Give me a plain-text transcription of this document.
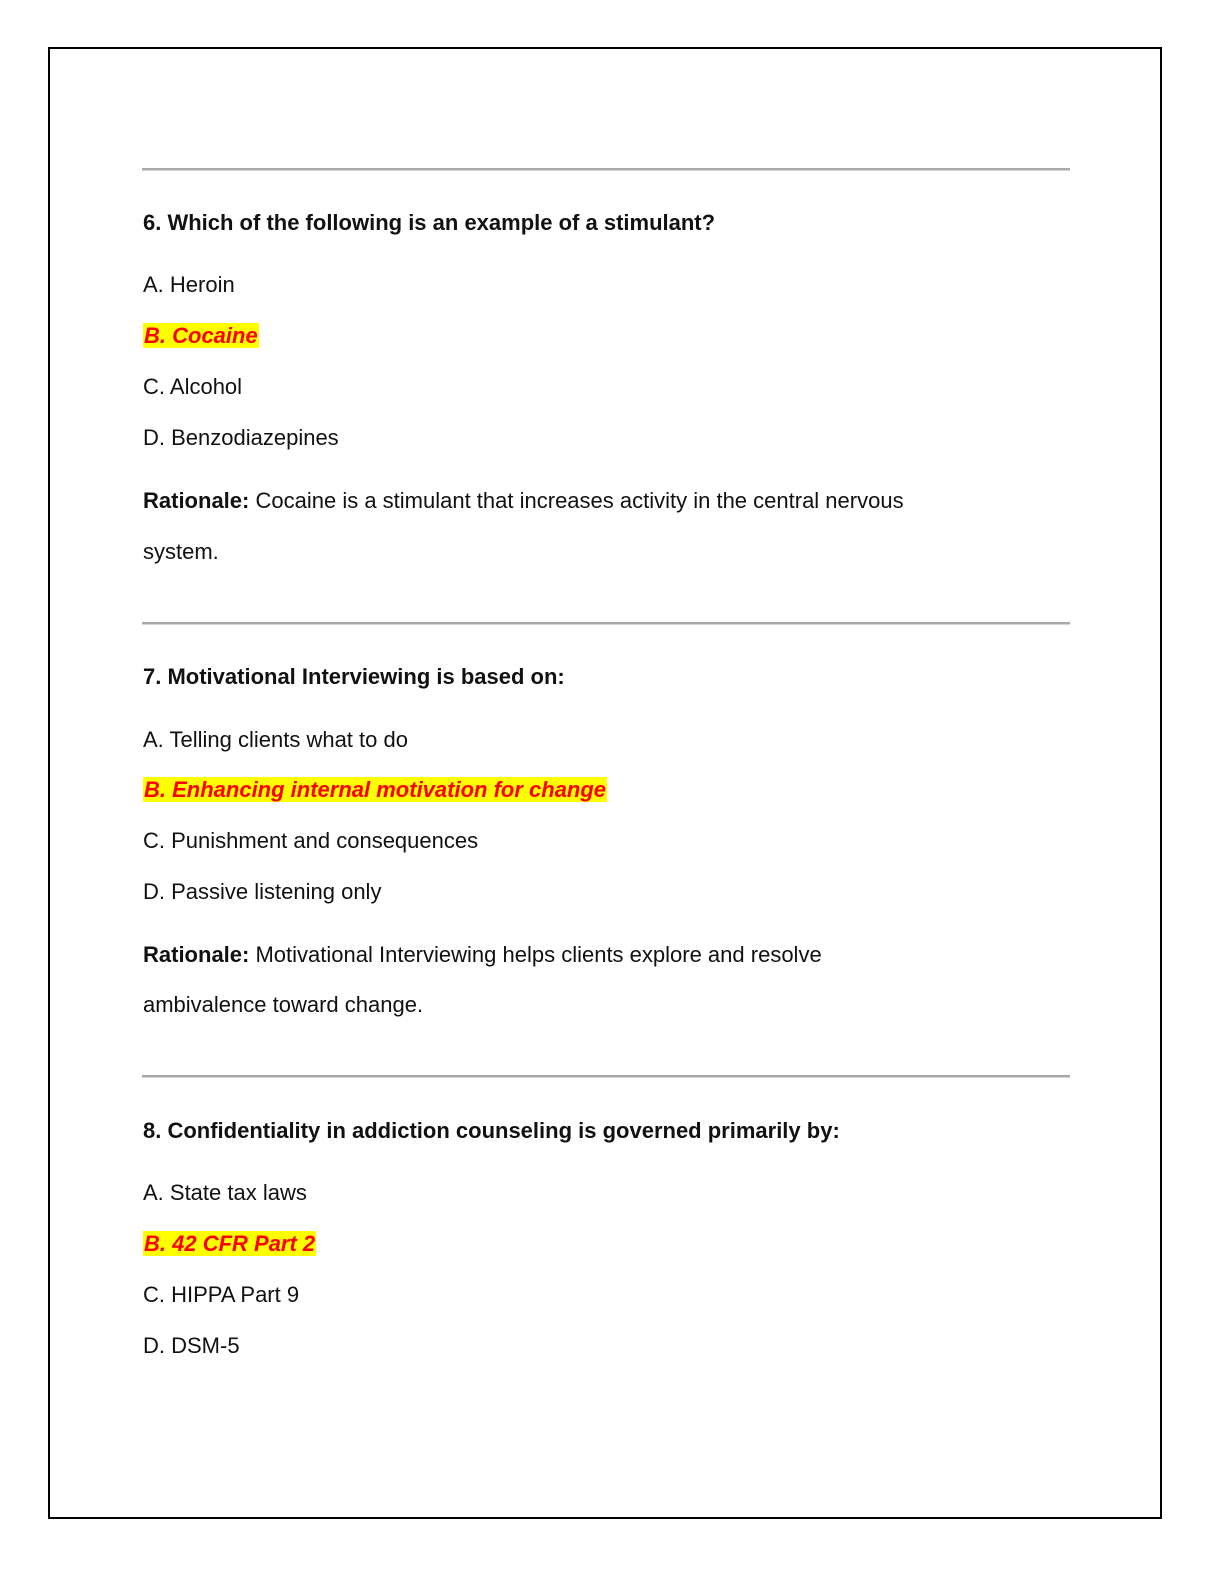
6. Which of the following is an example of a stimulant?
A. Heroin
B. Cocaine
C. Alcohol
D. Benzodiazepines
Rationale: Cocaine is a stimulant that increases activity in the central nervous
system.
7. Motivational Interviewing is based on:
A. Telling clients what to do
B. Enhancing internal motivation for change
C. Punishment and consequences
D. Passive listening only
Rationale: Motivational Interviewing helps clients explore and resolve
ambivalence toward change.
8. Confidentiality in addiction counseling is governed primarily by:
A. State tax laws
B. 42 CFR Part 2
C. HIPPA Part 9
D. DSM-5
